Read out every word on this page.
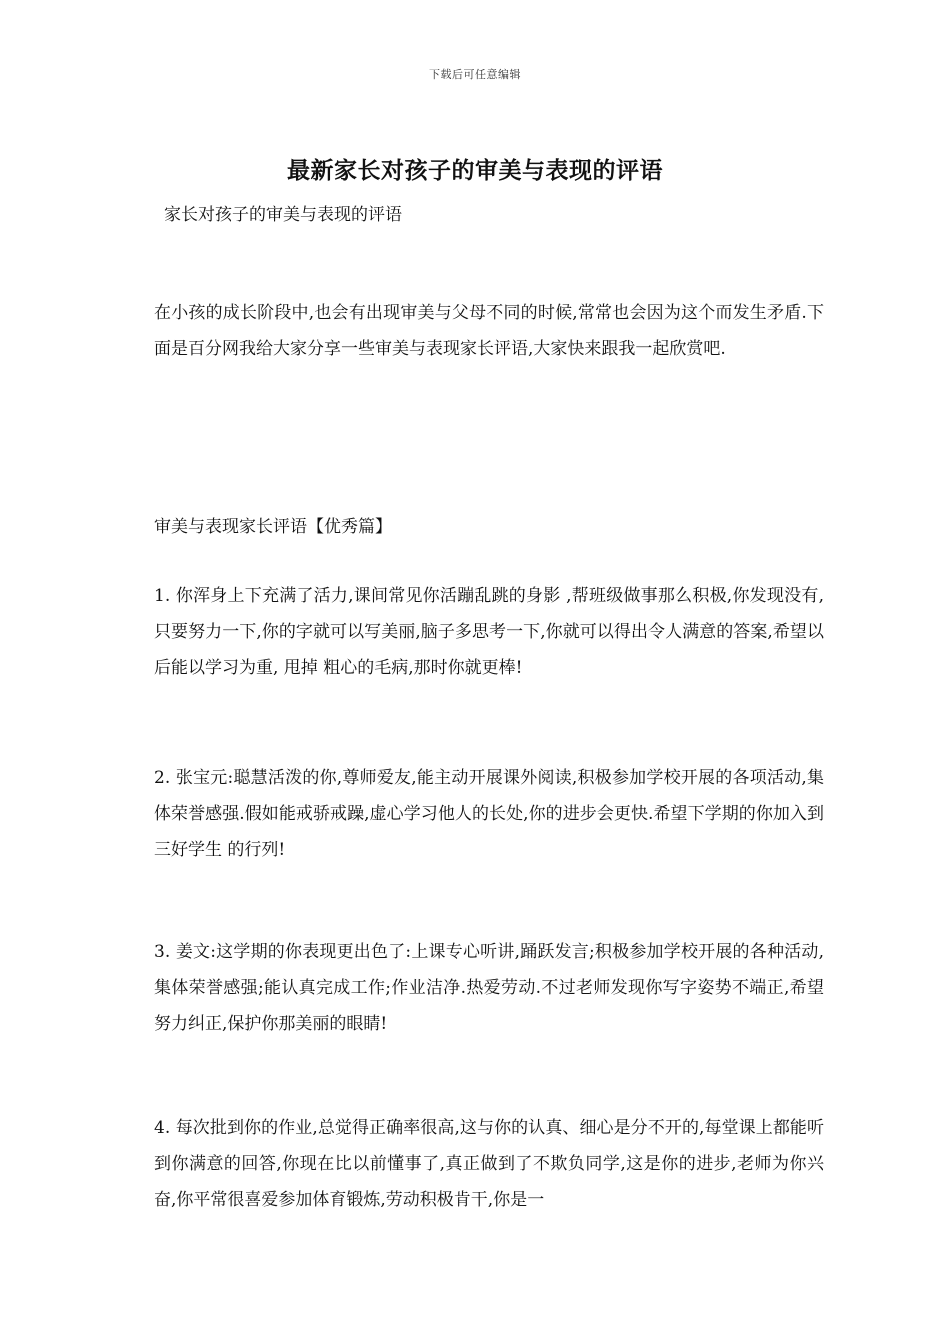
下载后可任意编辑
最新家长对孩子的审美与表现的评语
家长对孩子的审美与表现的评语
在小孩的成长阶段中,也会有出现审美与父母不同的时候,常常也会因为这个而发生矛盾.下面是百分网我给大家分享一些审美与表现家长评语,大家快来跟我一起欣赏吧.
审美与表现家长评语【优秀篇】
1. 你浑身上下充满了活力,课间常见你活蹦乱跳的身影 ,帮班级做事那么积极,你发现没有,只要努力一下,你的字就可以写美丽,脑子多思考一下,你就可以得出令人满意的答案,希望以后能以学习为重, 甩掉 粗心的毛病,那时你就更棒!
2. 张宝元:聪慧活泼的你,尊师爱友,能主动开展课外阅读,积极参加学校开展的各项活动,集体荣誉感强.假如能戒骄戒躁,虚心学习他人的长处,你的进步会更快.希望下学期的你加入到 三好学生 的行列!
3. 姜文:这学期的你表现更出色了:上课专心听讲,踊跃发言;积极参加学校开展的各种活动,集体荣誉感强;能认真完成工作;作业洁净.热爱劳动.不过老师发现你写字姿势不端正,希望努力纠正,保护你那美丽的眼睛!
4. 每次批到你的作业,总觉得正确率很高,这与你的认真、细心是分不开的,每堂课上都能听到你满意的回答,你现在比以前懂事了,真正做到了不欺负同学,这是你的进步,老师为你兴奋,你平常很喜爱参加体育锻炼,劳动积极肯干,你是一
